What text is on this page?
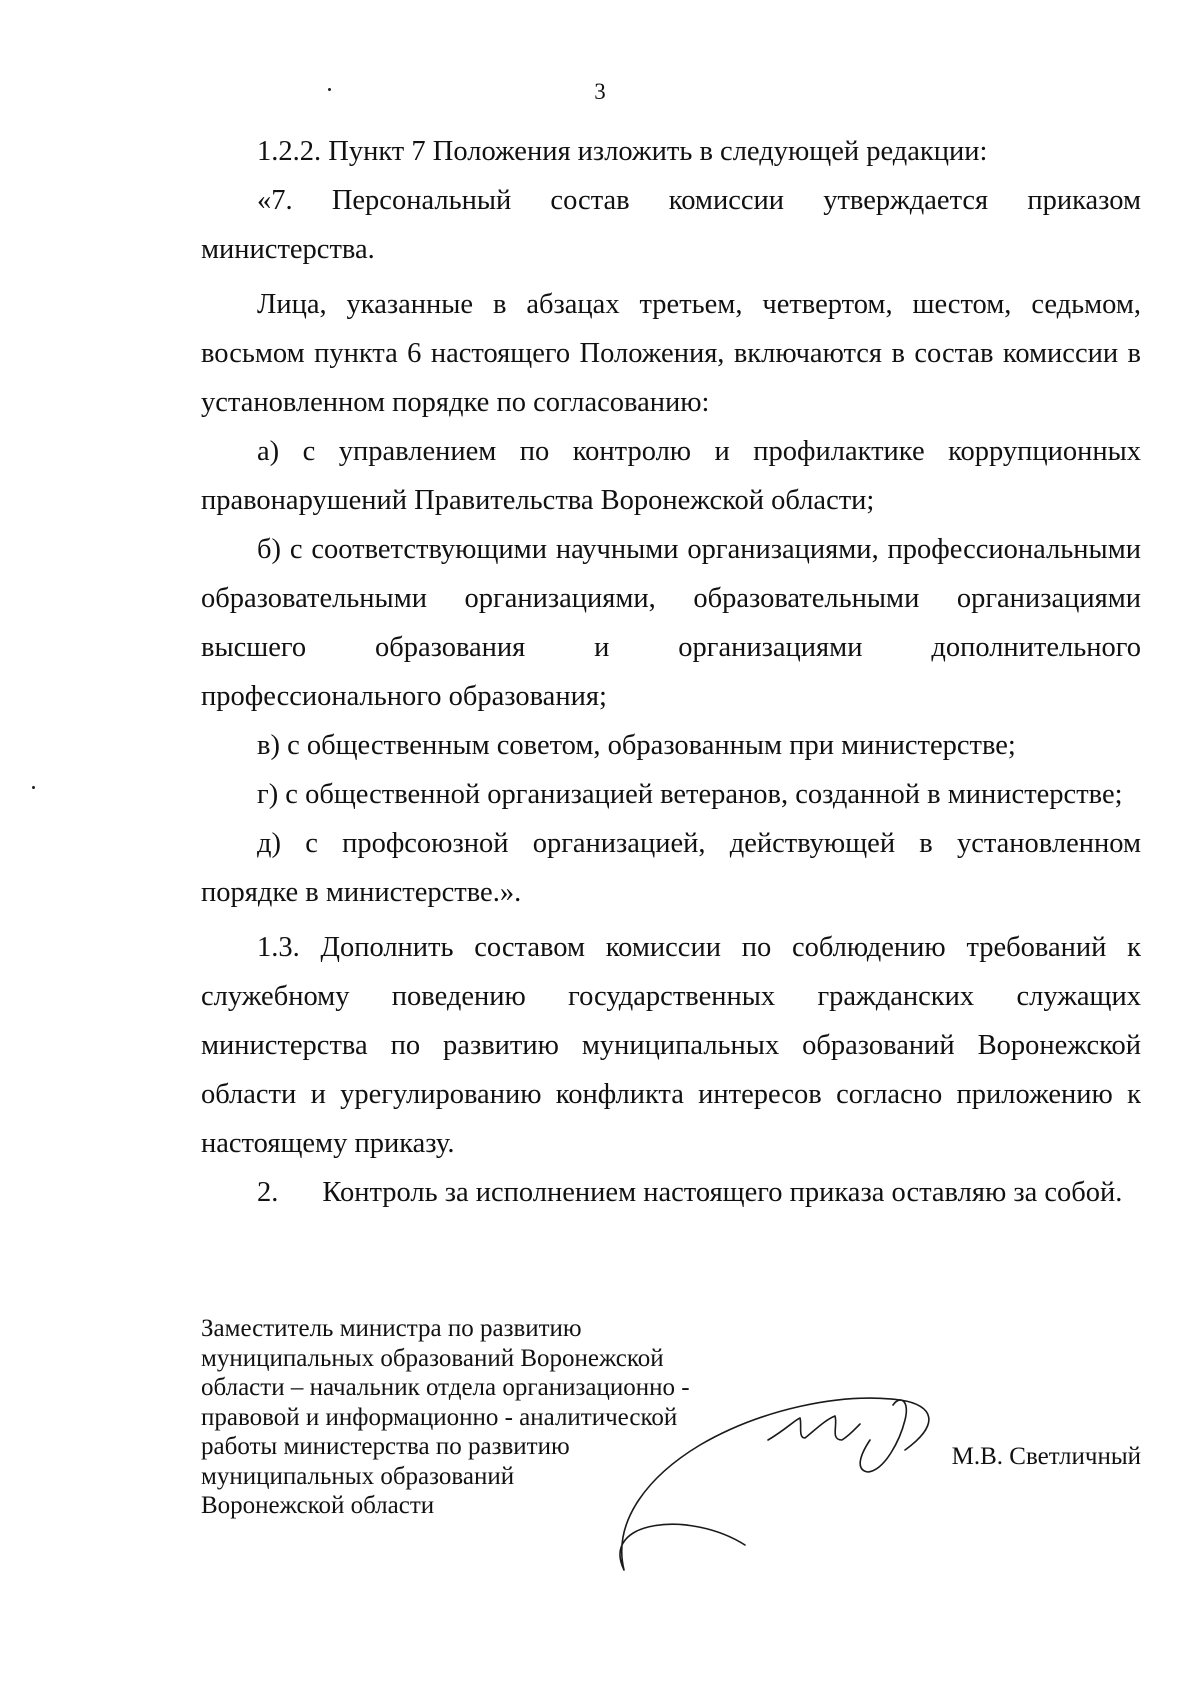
3

1.2.2. Пункт 7 Положения изложить в следующей редакции:

«7. Персональный состав комиссии утверждается приказом министерства.

Лица, указанные в абзацах третьем, четвертом, шестом, седьмом, восьмом пункта 6 настоящего Положения, включаются в состав комиссии в установленном порядке по согласованию:

а) с управлением по контролю и профилактике коррупционных правонарушений Правительства Воронежской области;

б) с соответствующими научными организациями, профессиональными образовательными организациями, образовательными организациями высшего образования и организациями дополнительного профессионального образования;

в) с общественным советом, образованным при министерстве;

г) с общественной организацией ветеранов, созданной в министерстве;

д) с профсоюзной организацией, действующей в установленном порядке в министерстве.».

1.3. Дополнить составом комиссии по соблюдению требований к служебному поведению государственных гражданских служащих министерства по развитию муниципальных образований Воронежской области и урегулированию конфликта интересов согласно приложению к настоящему приказу.

2. Контроль за исполнением настоящего приказа оставляю за собой.

Заместитель министра по развитию
муниципальных образований Воронежской
области – начальник отдела организационно -
правовой и информационно - аналитической
работы министерства по развитию
муниципальных образований
Воронежской области
М.В. Светличный
